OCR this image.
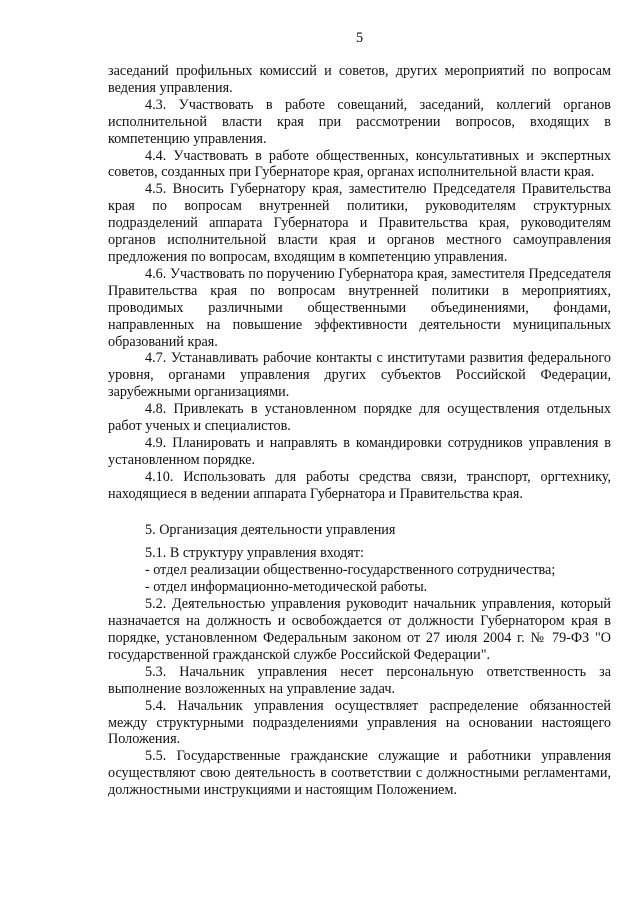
5

заседаний профильных комиссий и советов, других мероприятий по вопросам ведения управления.

4.3. Участвовать в работе совещаний, заседаний, коллегий органов исполнительной власти края при рассмотрении вопросов, входящих в компетенцию управления.

4.4. Участвовать в работе общественных, консультативных и экспертных советов, созданных при Губернаторе края, органах исполнительной власти края.

4.5. Вносить Губернатору края, заместителю Председателя Правительства края по вопросам внутренней политики, руководителям структурных подразделений аппарата Губернатора и Правительства края, руководителям органов исполнительной власти края и органов местного самоуправления предложения по вопросам, входящим в компетенцию управления.

4.6. Участвовать по поручению Губернатора края, заместителя Председателя Правительства края по вопросам внутренней политики в мероприятиях, проводимых различными общественными объединениями, фондами, направленных на повышение эффективности деятельности муниципальных образований края.

4.7. Устанавливать рабочие контакты с институтами развития федерального уровня, органами управления других субъектов Российской Федерации, зарубежными организациями.

4.8. Привлекать в установленном порядке для осуществления отдельных работ ученых и специалистов.

4.9. Планировать и направлять в командировки сотрудников управления в установленном порядке.

4.10. Использовать для работы средства связи, транспорт, оргтехнику, находящиеся в ведении аппарата Губернатора и Правительства края.

5. Организация деятельности управления

5.1. В структуру управления входят:

- отдел реализации общественно-государственного сотрудничества;

- отдел информационно-методической работы.

5.2. Деятельностью управления руководит начальник управления, который назначается на должность и освобождается от должности Губернатором края в порядке, установленном Федеральным законом от 27 июля 2004 г. № 79-ФЗ "О государственной гражданской службе Российской Федерации".

5.3. Начальник управления несет персональную ответственность за выполнение возложенных на управление задач.

5.4. Начальник управления осуществляет распределение обязанностей между структурными подразделениями управления на основании настоящего Положения.

5.5. Государственные гражданские служащие и работники управления осуществляют свою деятельность в соответствии с должностными регламентами, должностными инструкциями и настоящим Положением.
